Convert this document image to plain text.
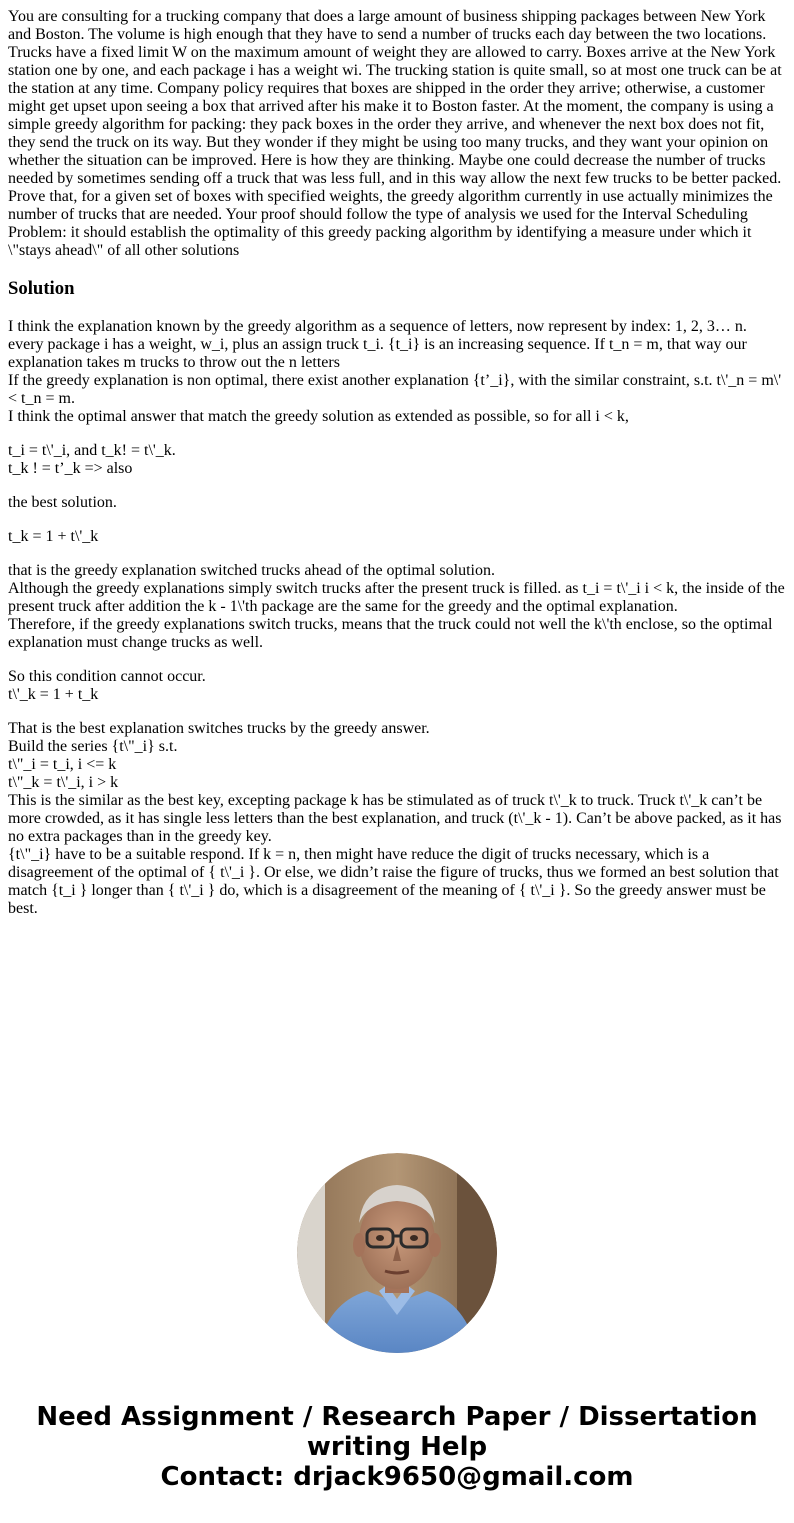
You are consulting for a trucking company that does a large amount of business shipping packages between New York and Boston. The volume is high enough that they have to send a number of trucks each day between the two locations. Trucks have a fixed limit W on the maximum amount of weight they are allowed to carry. Boxes arrive at the New York station one by one, and each package i has a weight wi. The trucking station is quite small, so at most one truck can be at the station at any time. Company policy requires that boxes are shipped in the order they arrive; otherwise, a customer might get upset upon seeing a box that arrived after his make it to Boston faster. At the moment, the company is using a simple greedy algorithm for packing: they pack boxes in the order they arrive, and whenever the next box does not fit, they send the truck on its way. But they wonder if they might be using too many trucks, and they want your opinion on whether the situation can be improved. Here is how they are thinking. Maybe one could decrease the number of trucks needed by sometimes sending off a truck that was less full, and in this way allow the next few trucks to be better packed. Prove that, for a given set of boxes with specified weights, the greedy algorithm currently in use actually minimizes the number of trucks that are needed. Your proof should follow the type of analysis we used for the Interval Scheduling Problem: it should establish the optimality of this greedy packing algorithm by identifying a measure under which it \"stays ahead\" of all other solutions

Solution
I think the explanation known by the greedy algorithm as a sequence of letters, now represent by index: 1, 2, 3… n. every package i has a weight, w_i, plus an assign truck t_i. {t_i} is an increasing sequence. If t_n = m, that way our explanation takes m trucks to throw out the n letters
If the greedy explanation is non optimal, there exist another explanation {t’_i}, with the similar constraint, s.t. t\'_n = m\' < t_n = m.
I think the optimal answer that match the greedy solution as extended as possible, so for all i < k,
t_i = t\'_i, and t_k! = t\'_k.
t_k ! = t’_k => also
the best solution.
t_k = 1 + t\'_k
that is the greedy explanation switched trucks ahead of the optimal solution.
Although the greedy explanations simply switch trucks after the present truck is filled. as t_i = t\'_i i < k, the inside of the present truck after addition the k - 1\'th package are the same for the greedy and the optimal explanation.
Therefore, if the greedy explanations switch trucks, means that the truck could not well the k\'th enclose, so the optimal explanation must change trucks as well.
So this condition cannot occur.
t\'_k = 1 + t_k
That is the best explanation switches trucks by the greedy answer.
Build the series {t\"_i} s.t.
t\"_i = t_i, i <= k
t\"_k = t\'_i, i > k
This is the similar as the best key, excepting package k has be stimulated as of truck t\'_k to truck. Truck t\'_k can’t be more crowded, as it has single less letters than the best explanation, and truck (t\'_k - 1). Can’t be above packed, as it has no extra packages than in the greedy key.
{t\"_i} have to be a suitable respond. If k = n, then might have reduce the digit of trucks necessary, which is a disagreement of the optimal of { t\'_i }. Or else, we didn’t raise the figure of trucks, thus we formed an best solution that match {t_i } longer than { t\'_i } do, which is a disagreement of the meaning of { t\'_i }. So the greedy answer must be best.
Need Assignment / Research Paper / Dissertation
writing Help
Contact: drjack9650@gmail.com
